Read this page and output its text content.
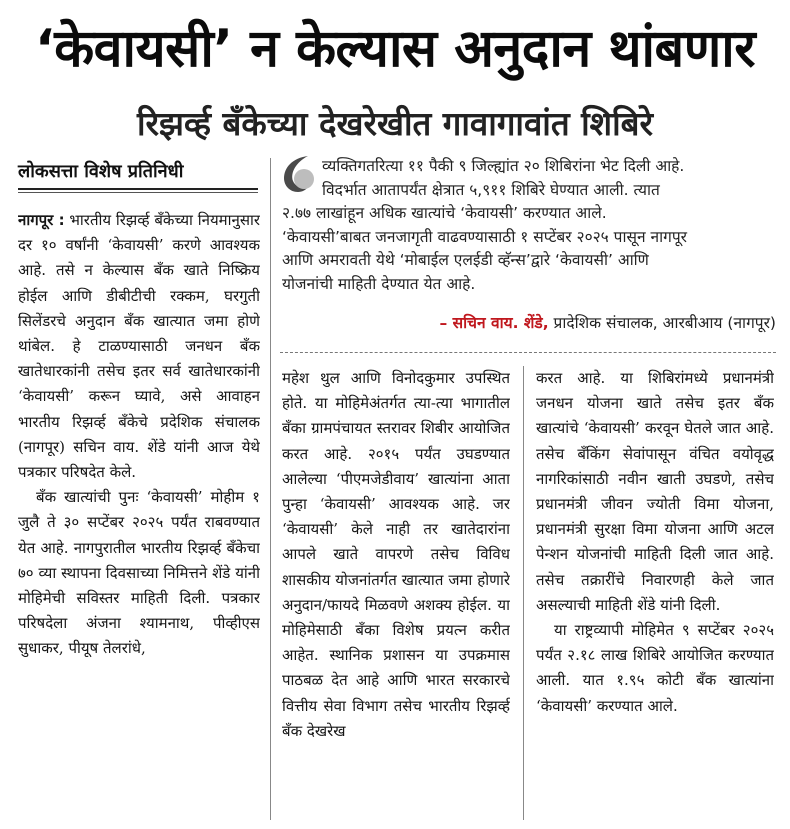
‘केवायसी’ न केल्यास अनुदान थांबणार
रिझर्व्ह बँकेच्या देखरेखीत गावागावांत शिबिरे
लोकसत्ता विशेष प्रतिनिधी

नागपूर : भारतीय रिझर्व्ह बँकेच्या नियमानुसार दर १० वर्षांनी ‘केवायसी’ करणे आवश्यक आहे. तसे न केल्यास बँक खाते निष्क्रिय होईल आणि डीबीटीची रक्कम, घरगुती सिलेंडरचे अनुदान बँक खात्यात जमा होणे थांबेल. हे टाळण्यासाठी जनधन बँक खातेधारकांनी तसेच इतर सर्व खातेधारकांनी ‘केवायसी’ करून घ्यावे, असे आवाहन भारतीय रिझर्व्ह बँकेचे प्रदेशिक संचालक (नागपूर) सचिन वाय. शेंडे यांनी आज येथे पत्रकार परिषदेत केले.

बँक खात्यांची पुनः ‘केवायसी’ मोहीम १ जुलै ते ३० सप्टेंबर २०२५ पर्यंत राबवण्यात येत आहे. नागपुरातील भारतीय रिझर्व्ह बँकेचा ७० व्या स्थापना दिवसाच्या निमित्तने शेंडे यांनी मोहिमेची सविस्तर माहिती दिली. पत्रकार परिषदेला अंजना श्यामनाथ, पीव्हीएस सुधाकर, पीयूष तेलरांधे,

व्यक्तिगतरित्या ११ पैकी ९ जिल्ह्यांत २० शिबिरांना भेट दिली आहे.
विदर्भात आतापर्यंत क्षेत्रात ५,९११ शिबिरे घेण्यात आली. त्यात
२.७७ लाखांहून अधिक खात्यांचे ‘केवायसी’ करण्यात आले.
‘केवायसी’बाबत जनजागृती वाढवण्यासाठी १ सप्टेंबर २०२५ पासून नागपूर
आणि अमरावती येथे ‘मोबाईल एलईडी व्हॅन्स’द्वारे ‘केवायसी’ आणि
योजनांची माहिती देण्यात येत आहे.
– सचिन वाय. शेंडे, प्रादेशिक संचालक, आरबीआय (नागपूर)

महेश थुल आणि विनोदकुमार उपस्थित होते. या मोहिमेअंतर्गत त्या-त्या भागातील बँका ग्रामपंचायत स्तरावर शिबीर आयोजित करत आहे. २०१५ पर्यंत उघडण्यात आलेल्या ‘पीएमजेडीवाय’ खात्यांना आता पुन्हा ‘केवायसी’ आवश्यक आहे. जर ‘केवायसी’ केले नाही तर खातेदारांना आपले खाते वापरणे तसेच विविध शासकीय योजनांतर्गत खात्यात जमा होणारे अनुदान/फायदे मिळवणे अशक्य होईल. या मोहिमेसाठी बँका विशेष प्रयत्न करीत आहेत. स्थानिक प्रशासन या उपक्रमास पाठबळ देत आहे आणि भारत सरकारचे वित्तीय सेवा विभाग तसेच भारतीय रिझर्व्ह बँक देखरेख

करत आहे. या शिबिरांमध्ये प्रधानमंत्री जनधन योजना खाते तसेच इतर बँक खात्यांचे ‘केवायसी’ करवून घेतले जात आहे. तसेच बँकिंग सेवांपासून वंचित वयोवृद्ध नागरिकांसाठी नवीन खाती उघडणे, तसेच प्रधानमंत्री जीवन ज्योती विमा योजना, प्रधानमंत्री सुरक्षा विमा योजना आणि अटल पेन्शन योजनांची माहिती दिली जात आहे. तसेच तक्रारींचे निवारणही केले जात असल्याची माहिती शेंडे यांनी दिली.

या राष्ट्रव्यापी मोहिमेत ९ सप्टेंबर २०२५ पर्यंत २.१८ लाख शिबिरे आयोजित करण्यात आली. यात १.९५ कोटी बँक खात्यांना ‘केवायसी’ करण्यात आले.
